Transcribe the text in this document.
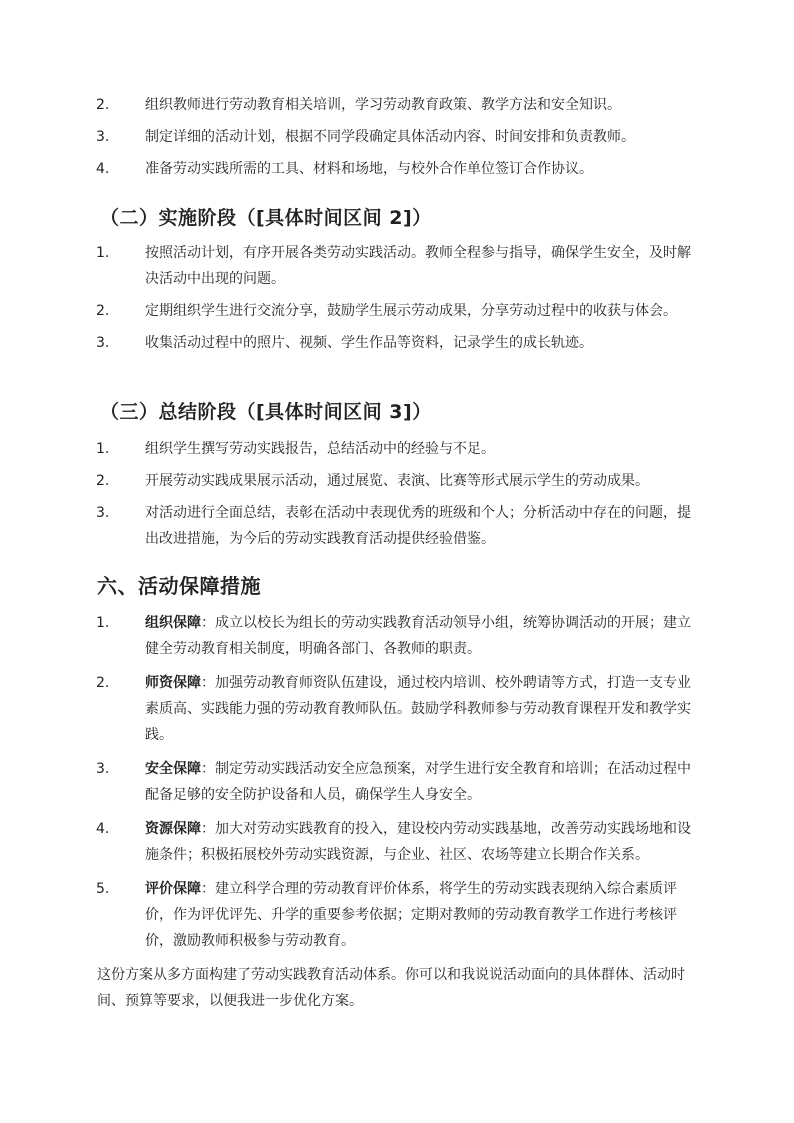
2.	组织教师进行劳动教育相关培训，学习劳动教育政策、教学方法和安全知识。
3.	制定详细的活动计划，根据不同学段确定具体活动内容、时间安排和负责教师。
4.	准备劳动实践所需的工具、材料和场地，与校外合作单位签订合作协议。
（二）实施阶段（[具体时间区间 2]）
1.	按照活动计划，有序开展各类劳动实践活动。教师全程参与指导，确保学生安全，及时解决活动中出现的问题。
2.	定期组织学生进行交流分享，鼓励学生展示劳动成果，分享劳动过程中的收获与体会。
3.	收集活动过程中的照片、视频、学生作品等资料，记录学生的成长轨迹。
（三）总结阶段（[具体时间区间 3]）
1.	组织学生撰写劳动实践报告，总结活动中的经验与不足。
2.	开展劳动实践成果展示活动，通过展览、表演、比赛等形式展示学生的劳动成果。
3.	对活动进行全面总结，表彰在活动中表现优秀的班级和个人；分析活动中存在的问题，提出改进措施，为今后的劳动实践教育活动提供经验借鉴。
六、活动保障措施
1.	组织保障：成立以校长为组长的劳动实践教育活动领导小组，统筹协调活动的开展；建立健全劳动教育相关制度，明确各部门、各教师的职责。
2.	师资保障：加强劳动教育师资队伍建设，通过校内培训、校外聘请等方式，打造一支专业素质高、实践能力强的劳动教育教师队伍。鼓励学科教师参与劳动教育课程开发和教学实践。
3.	安全保障：制定劳动实践活动安全应急预案，对学生进行安全教育和培训；在活动过程中配备足够的安全防护设备和人员，确保学生人身安全。
4.	资源保障：加大对劳动实践教育的投入，建设校内劳动实践基地，改善劳动实践场地和设施条件；积极拓展校外劳动实践资源，与企业、社区、农场等建立长期合作关系。
5.	评价保障：建立科学合理的劳动教育评价体系，将学生的劳动实践表现纳入综合素质评价，作为评优评先、升学的重要参考依据；定期对教师的劳动教育教学工作进行考核评价，激励教师积极参与劳动教育。

这份方案从多方面构建了劳动实践教育活动体系。你可以和我说说活动面向的具体群体、活动时间、预算等要求，以便我进一步优化方案。
